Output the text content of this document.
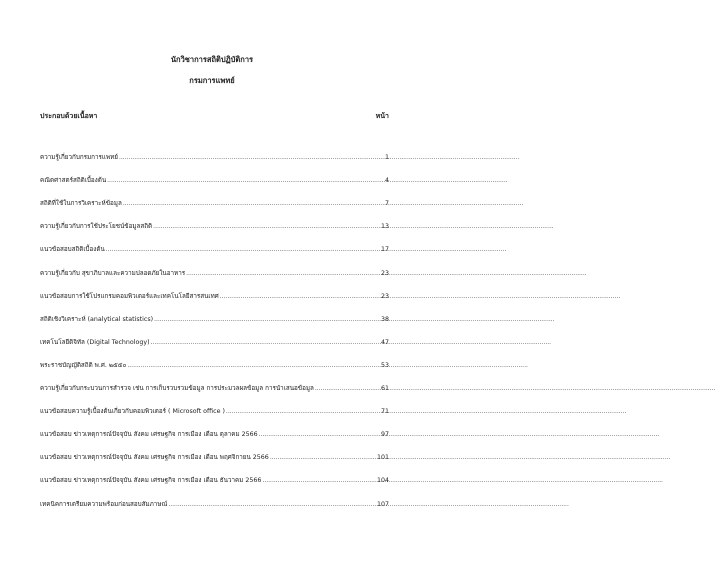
นักวิชาการสถิติปฏิบัติการ
กรมการแพทย์
ประกอบด้วยเนื้อหา	หน้า
ความรู้เกี่ยวกับกรมการแพทย์ .....	1
คณิตศาสตร์สถิติเบื้องต้น .....	4
สถิติที่ใช้ในการวิเคราะห์ข้อมูล .....	7
ความรู้เกี่ยวกับการใช้ประโยชน์ข้อมูลสถิติ .....	13
แนวข้อสอบสถิติเบื้องต้น .....	17
ความรู้เกี่ยวกับ สุขาภิบาลและความปลอดภัยในอาหาร .....	23
แนวข้อสอบการใช้โปรแกรมคอมพิวเตอร์และเทคโนโลยีสารสนเทศ .....	23
สถิติเชิงวิเคราะห์ (analytical statistics) .....	38
เทคโนโลยีดิจิทัล (Digital Technology) .....	47
พระราชบัญญัติสถิติ พ.ศ. ๒๕๕๐ .....	53
ความรู้เกี่ยวกับกระบวนการสำรวจ เช่น การเก็บรวบรวมข้อมูล การประมวลผลข้อมูล การนำเสนอข้อมูล .....	61
แนวข้อสอบความรู้เบื้องต้นเกี่ยวกับคอมพิวเตอร์ ( Microsoft office ) .....	71
แนวข้อสอบ ข่าวเหตุการณ์ปัจจุบัน สังคม เศรษฐกิจ การเมือง เดือน ตุลาคม 2566 .....	97
แนวข้อสอบ ข่าวเหตุการณ์ปัจจุบัน สังคม เศรษฐกิจ การเมือง เดือน พฤศจิกายน 2566 .....	101
แนวข้อสอบ ข่าวเหตุการณ์ปัจจุบัน สังคม เศรษฐกิจ การเมือง เดือน ธันวาคม 2566 .....	104
เทคนิคการเตรียมความพร้อมก่อนสอบสัมภาษณ์ .....	107
